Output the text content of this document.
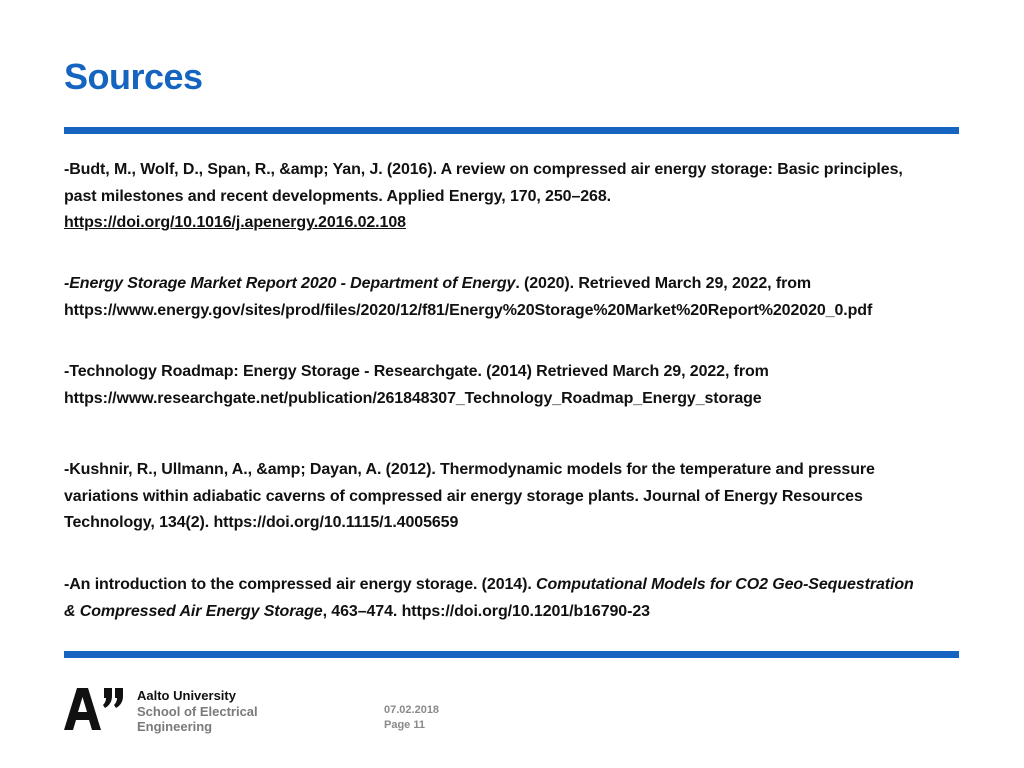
Sources
-Budt, M., Wolf, D., Span, R., &amp; Yan, J. (2016). A review on compressed air energy storage: Basic principles,
past milestones and recent developments. Applied Energy, 170, 250–268.
https://doi.org/10.1016/j.apenergy.2016.02.108
-Energy Storage Market Report 2020 - Department of Energy. (2020). Retrieved March 29, 2022, from
https://www.energy.gov/sites/prod/files/2020/12/f81/Energy%20Storage%20Market%20Report%202020_0.pdf
-Technology Roadmap: Energy Storage - Researchgate. (2014) Retrieved March 29, 2022, from
https://www.researchgate.net/publication/261848307_Technology_Roadmap_Energy_storage
-Kushnir, R., Ullmann, A., &amp; Dayan, A. (2012). Thermodynamic models for the temperature and pressure
variations within adiabatic caverns of compressed air energy storage plants. Journal of Energy Resources
Technology, 134(2). https://doi.org/10.1115/1.4005659
-An introduction to the compressed air energy storage. (2014). Computational Models for CO2 Geo-Sequestration
& Compressed Air Energy Storage, 463–474. https://doi.org/10.1201/b16790-23
Aalto University
School of Electrical
Engineering
07.02.2018
Page 11
